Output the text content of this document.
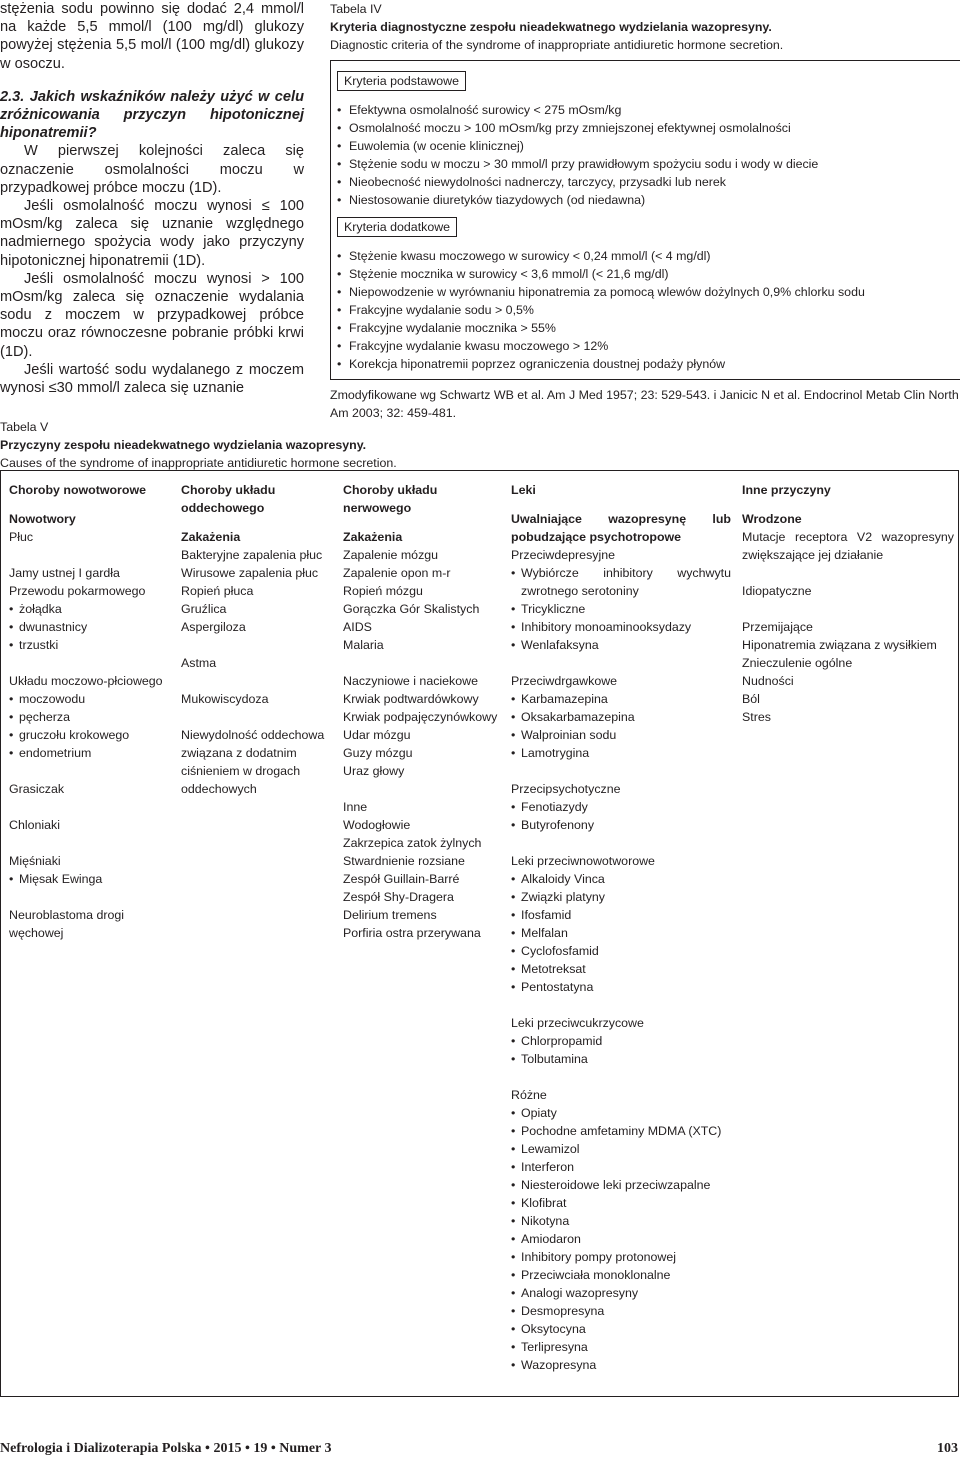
stężenia sodu powinno się dodać 2,4 mmol/l na każde 5,5 mmol/l (100 mg/dl) glukozy powyżej stężenia 5,5 mol/l (100 mg/dl) glukozy w osoczu.

2.3. Jakich wskaźników należy użyć w celu zróżnicowania przyczyn hipotonicznej hiponatremii?

W pierwszej kolejności zaleca się oznaczenie osmolalności moczu w przypadkowej próbce moczu (1D).

Jeśli osmolalność moczu wynosi ≤ 100 mOsm/kg zaleca się uznanie względnego nadmiernego spożycia wody jako przyczyny hipotonicznej hiponatremii (1D).

Jeśli osmolalność moczu wynosi > 100 mOsm/kg zaleca się oznaczenie wydalania sodu z moczem w przypadkowej próbce moczu oraz równoczesne pobranie próbki krwi (1D).

Jeśli wartość sodu wydalanego z moczem wynosi ≤30 mmol/l zaleca się uznanie

Tabela IV
Kryteria diagnostyczne zespołu nieadekwatnego wydzielania wazopresyny.
Diagnostic criteria of the syndrome of inappropriate antidiuretic hormone secretion.
Kryteria podstawowe
• Efektywna osmolalność surowicy < 275 mOsm/kg
• Osmolalność moczu > 100 mOsm/kg przy zmniejszonej efektywnej osmolalności
• Euwolemia (w ocenie klinicznej)
• Stężenie sodu w moczu > 30 mmol/l przy prawidłowym spożyciu sodu i wody w diecie
• Nieobecność niewydolności nadnerczy, tarczycy, przysadki lub nerek
• Niestosowanie diuretyków tiazydowych (od niedawna)
Kryteria dodatkowe
• Stężenie kwasu moczowego w surowicy < 0,24 mmol/l (< 4 mg/dl)
• Stężenie mocznika w surowicy < 3,6 mmol/l (< 21,6 mg/dl)
• Niepowodzenie w wyrównaniu hiponatremia za pomocą wlewów dożylnych 0,9% chlorku sodu
• Frakcyjne wydalanie sodu > 0,5%
• Frakcyjne wydalanie mocznika > 55%
• Frakcyjne wydalanie kwasu moczowego > 12%
• Korekcja hiponatremii poprzez ograniczenia doustnej podaży płynów
Zmodyfikowane wg Schwartz WB et al. Am J Med 1957; 23: 529-543. i Janicic N et al. Endocrinol Metab Clin North Am 2003; 32: 459-481.
Tabela V
Przyczyny zespołu nieadekwatnego wydzielania wazopresyny.
Causes of the syndrome of inappropriate antidiuretic hormone secretion.
Choroby nowotworowe
Nowotwory
Płuc
Jamy ustnej I gardła
Przewodu pokarmowego
• żołądka
• dwunastnicy
• trzustki
Układu moczowo-płciowego
• moczowodu
• pęcherza
• gruczołu krokowego
• endometrium
Grasiczak
Chloniaki
Mięśniaki
• Mięsak Ewinga
Neuroblastoma drogi węchowej
Choroby układu oddechowego
Zakażenia
Bakteryjne zapalenia płuc
Wirusowe zapalenia płuc
Ropień płuca
Gruźlica
Aspergiloza
Astma
Mukowiscydoza
Niewydolność oddechowa związana z dodatnim ciśnieniem w drogach oddechowych
Choroby układu nerwowego
Zakażenia
Zapalenie mózgu
Zapalenie opon m-r
Ropień mózgu
Gorączka Gór Skalistych
AIDS
Malaria
Naczyniowe i naciekowe
Krwiak podtwardówkowy
Krwiak podpajęczynówkowy
Udar mózgu
Guzy mózgu
Uraz głowy
Inne
Wodogłowie
Zakrzepica zatok żylnych
Stwardnienie rozsiane
Zespół Guillain-Barré
Zespół Shy-Dragera
Delirium tremens
Porfiria ostra przerywana
Leki
Uwalniające wazopresynę lub pobudzające psychotropowe
Przeciwdepresyjne
• Wybiórcze inhibitory wychwytu zwrotnego serotoniny
• Tricykliczne
• Inhibitory monoaminooksydazy
• Wenlafaksyna
Przeciwdrgawkowe
• Karbamazepina
• Oksakarbamazepina
• Walproinian sodu
• Lamotrygina
Przecipsychotyczne
• Fenotiazydy
• Butyrofenony
Leki przeciwnowotworowe
• Alkaloidy Vinca
• Związki platyny
• Ifosfamid
• Melfalan
• Cyclofosfamid
• Metotreksat
• Pentostatyna
Leki przeciwcukrzycowe
• Chlorpropamid
• Tolbutamina
Różne
• Opiaty
• Pochodne amfetaminy MDMA (XTC)
• Lewamizol
• Interferon
• Niesteroidowe leki przeciwzapalne
• Klofibrat
• Nikotyna
• Amiodaron
• Inhibitory pompy protonowej
• Przeciwciała monoklonalne
• Analogi wazopresyny
• Desmopresyna
• Oksytocyna
• Terlipresyna
• Wazopresyna
Inne przyczyny
Wrodzone
Mutacje receptora V2 wazopresyny zwiększające jej działanie
Idiopatyczne
Przemijające
Hiponatremia związana z wysiłkiem
Znieczulenie ogólne
Nudności
Ból
Stres
Nefrologia i Dializoterapia Polska • 2015 • 19 • Numer 3	103
